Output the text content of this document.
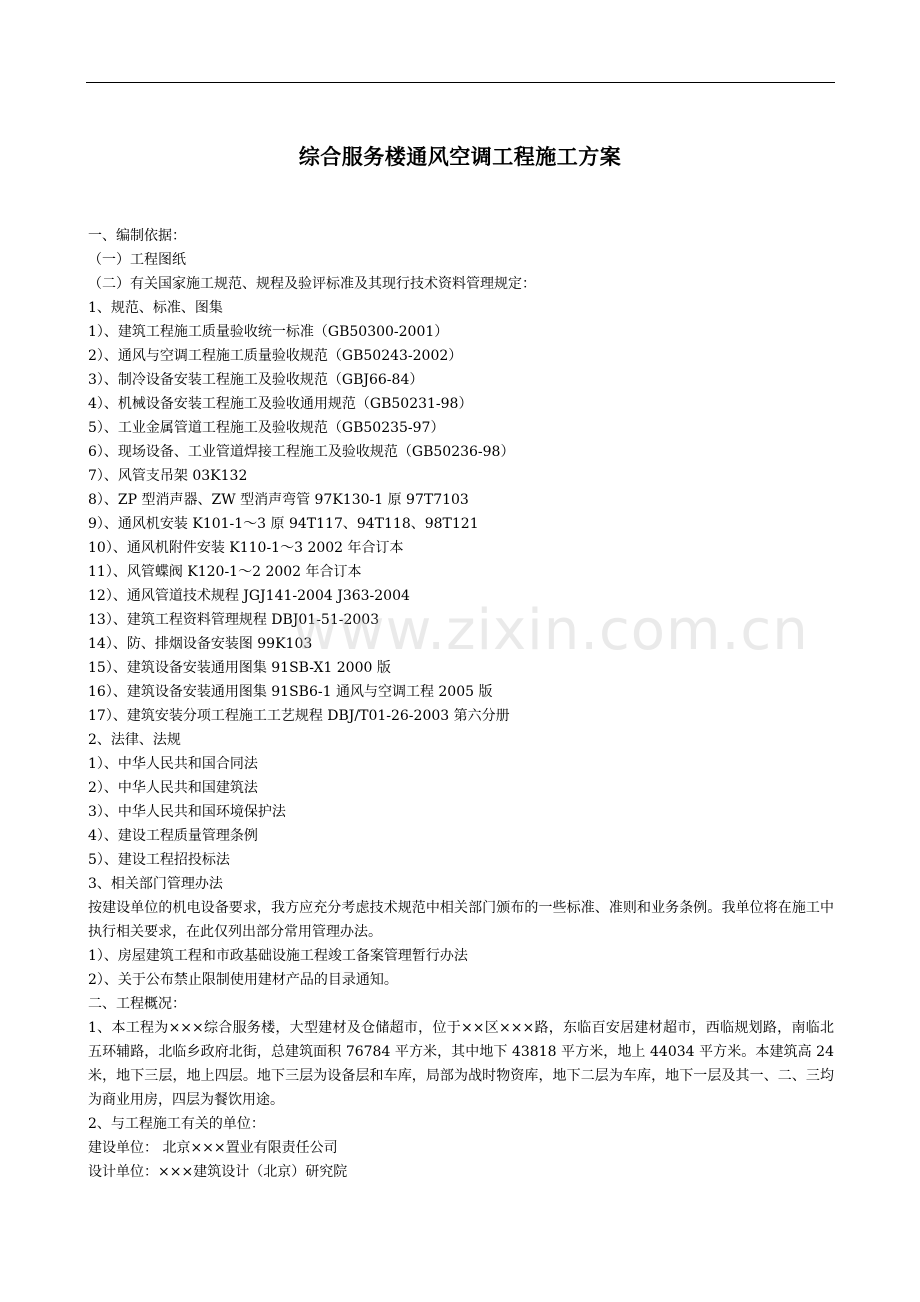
综合服务楼通风空调工程施工方案
一、编制依据：
（一）工程图纸
（二）有关国家施工规范、规程及验评标准及其现行技术资料管理规定：
1、规范、标准、图集
1）、建筑工程施工质量验收统一标准（GB50300-2001）
2）、通风与空调工程施工质量验收规范（GB50243-2002）
3）、制冷设备安装工程施工及验收规范（GBJ66-84）
4）、机械设备安装工程施工及验收通用规范（GB50231-98）
5）、工业金属管道工程施工及验收规范（GB50235-97）
6）、现场设备、工业管道焊接工程施工及验收规范（GB50236-98）
7）、风管支吊架 03K132
8）、ZP 型消声器、ZW 型消声弯管 97K130-1 原 97T7103
9）、通风机安装 K101-1～3 原 94T117、94T118、98T121
10）、通风机附件安装 K110-1～3 2002 年合订本
11）、风管蝶阀 K120-1～2 2002 年合订本
12）、通风管道技术规程 JGJ141-2004 J363-2004
13）、建筑工程资料管理规程 DBJ01-51-2003
14）、防、排烟设备安装图 99K103
15）、建筑设备安装通用图集 91SB-X1 2000 版
16）、建筑设备安装通用图集 91SB6-1 通风与空调工程 2005 版
17）、建筑安装分项工程施工工艺规程 DBJ/T01-26-2003 第六分册
2、法律、法规
1）、中华人民共和国合同法
2）、中华人民共和国建筑法
3）、中华人民共和国环境保护法
4）、建设工程质量管理条例
5）、建设工程招投标法
3、相关部门管理办法
按建设单位的机电设备要求，我方应充分考虑技术规范中相关部门颁布的一些标准、准则和业务条例。我单位将在施工中执行相关要求，在此仅列出部分常用管理办法。
1）、房屋建筑工程和市政基础设施工程竣工备案管理暂行办法
2）、关于公布禁止限制使用建材产品的目录通知。
二、工程概况：
1、本工程为×××综合服务楼，大型建材及仓储超市，位于××区×××路，东临百安居建材超市，西临规划路，南临北五环辅路，北临乡政府北街，总建筑面积 76784 平方米，其中地下 43818 平方米，地上 44034 平方米。本建筑高 24 米，地下三层，地上四层。地下三层为设备层和车库，局部为战时物资库，地下二层为车库，地下一层及其一、二、三均为商业用房，四层为餐饮用途。
2、与工程施工有关的单位：
建设单位： 北京×××置业有限责任公司
设计单位：×××建筑设计（北京）研究院
www.zixin.com.cn
